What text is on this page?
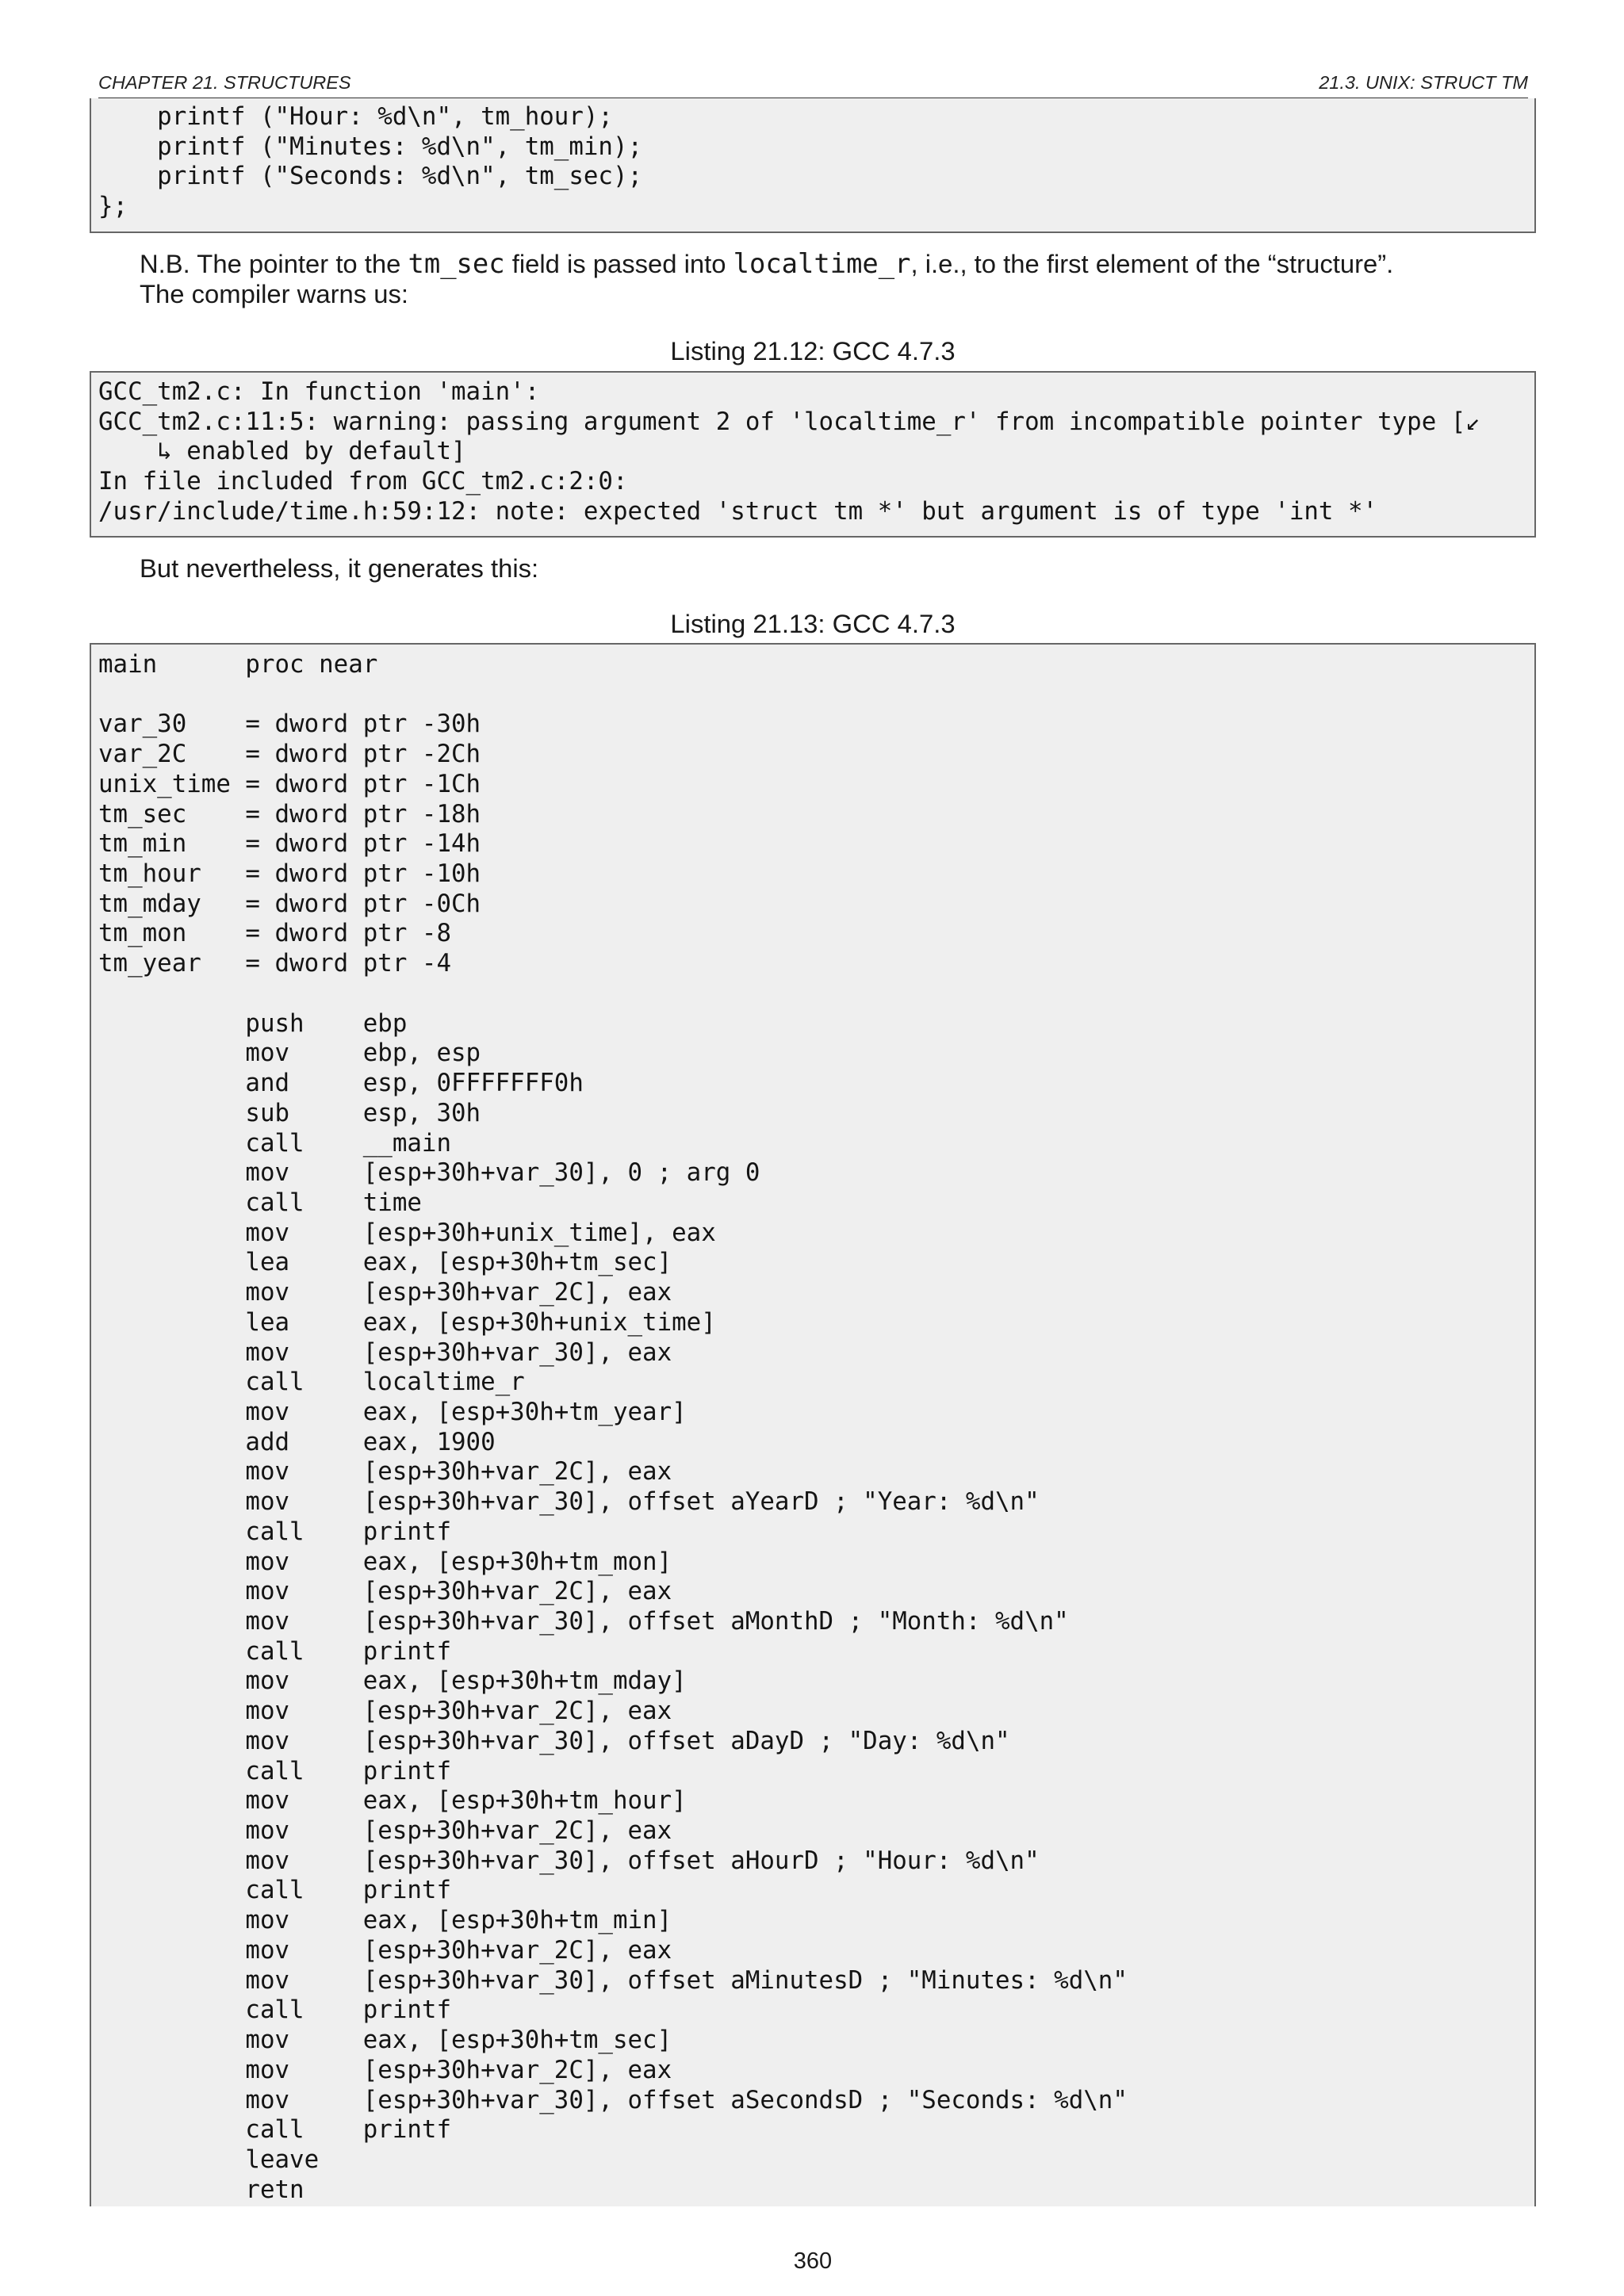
CHAPTER 21. STRUCTURES	21.3. UNIX: STRUCT TM
printf ("Hour: %d\n", tm_hour);
printf ("Minutes: %d\n", tm_min);
printf ("Seconds: %d\n", tm_sec);
};
N.B. The pointer to the tm_sec field is passed into localtime_r, i.e., to the first element of the “structure”.
The compiler warns us:
Listing 21.12: GCC 4.7.3
GCC_tm2.c: In function 'main':
GCC_tm2.c:11:5: warning: passing argument 2 of 'localtime_r' from incompatible pointer type [↙
↳ enabled by default]
In file included from GCC_tm2.c:2:0:
/usr/include/time.h:59:12: note: expected 'struct tm *' but argument is of type 'int *'
But nevertheless, it generates this:
Listing 21.13: GCC 4.7.3
main      proc near
var_30    = dword ptr -30h
var_2C    = dword ptr -2Ch
unix_time = dword ptr -1Ch
tm_sec    = dword ptr -18h
tm_min    = dword ptr -14h
tm_hour   = dword ptr -10h
tm_mday   = dword ptr -0Ch
tm_mon    = dword ptr -8
tm_year   = dword ptr -4
push    ebp
mov     ebp, esp
and     esp, 0FFFFFFF0h
sub     esp, 30h
call    __main
mov     [esp+30h+var_30], 0 ; arg 0
call    time
mov     [esp+30h+unix_time], eax
lea     eax, [esp+30h+tm_sec]
mov     [esp+30h+var_2C], eax
lea     eax, [esp+30h+unix_time]
mov     [esp+30h+var_30], eax
call    localtime_r
mov     eax, [esp+30h+tm_year]
add     eax, 1900
mov     [esp+30h+var_2C], eax
mov     [esp+30h+var_30], offset aYearD ; "Year: %d\n"
call    printf
mov     eax, [esp+30h+tm_mon]
mov     [esp+30h+var_2C], eax
mov     [esp+30h+var_30], offset aMonthD ; "Month: %d\n"
call    printf
mov     eax, [esp+30h+tm_mday]
mov     [esp+30h+var_2C], eax
mov     [esp+30h+var_30], offset aDayD ; "Day: %d\n"
call    printf
mov     eax, [esp+30h+tm_hour]
mov     [esp+30h+var_2C], eax
mov     [esp+30h+var_30], offset aHourD ; "Hour: %d\n"
call    printf
mov     eax, [esp+30h+tm_min]
mov     [esp+30h+var_2C], eax
mov     [esp+30h+var_30], offset aMinutesD ; "Minutes: %d\n"
call    printf
mov     eax, [esp+30h+tm_sec]
mov     [esp+30h+var_2C], eax
mov     [esp+30h+var_30], offset aSecondsD ; "Seconds: %d\n"
call    printf
leave
retn
360
